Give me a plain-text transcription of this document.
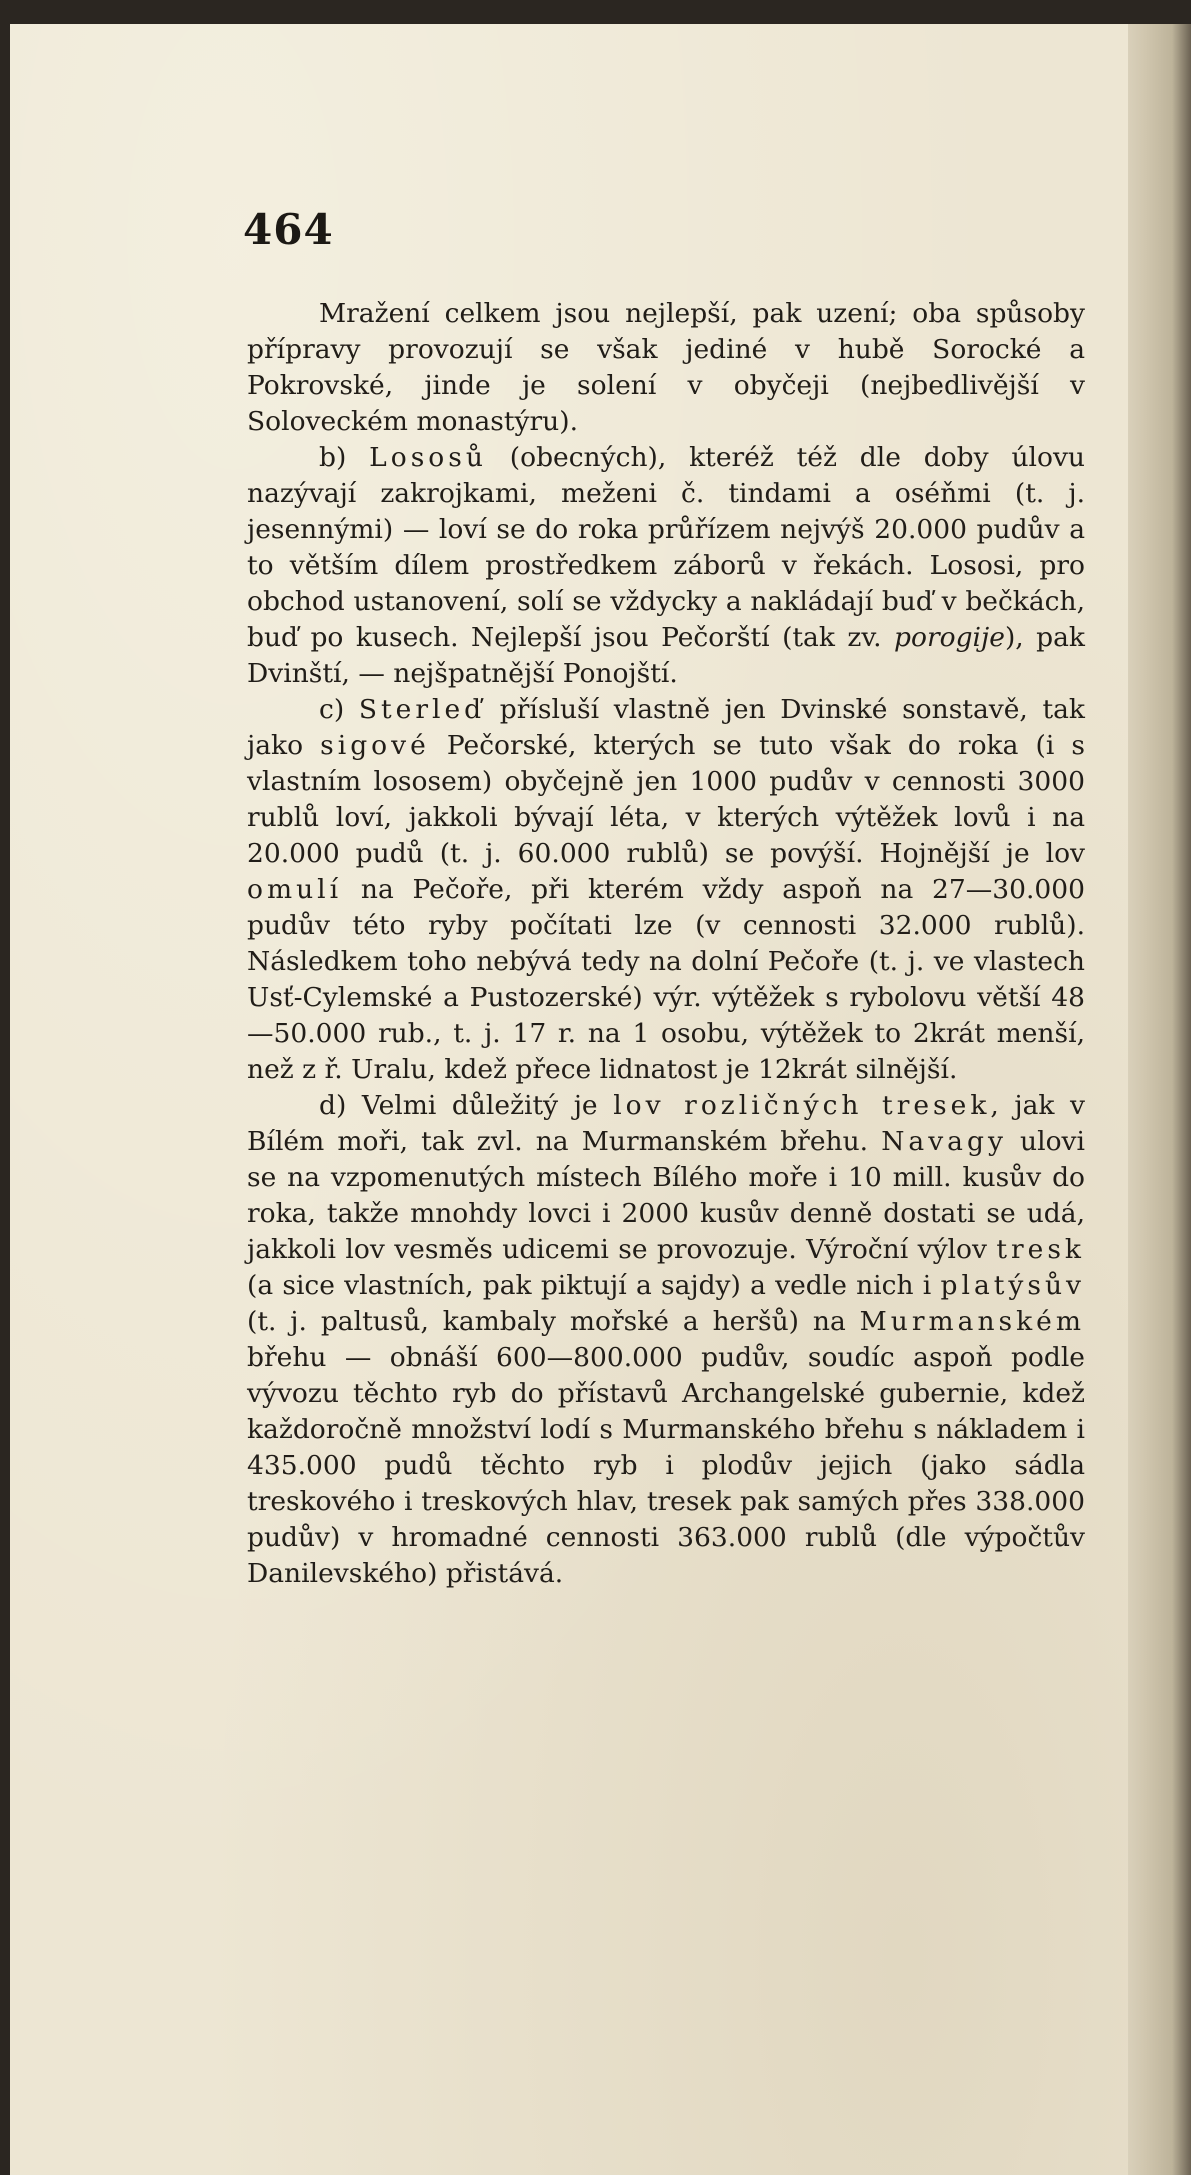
464

Mražení celkem jsou nejlepší, pak uzení; oba spůsoby přípravy provozují se však jediné v hubě Sorocké a Pokrovské, jinde je solení v obyčeji (nejbedlivější v Soloveckém monastýru).

b) Lososů (obecných), kteréž též dle doby úlovu nazývají zakrojkami, meženi č. tindami a oséňmi (t. j. jesennými) — loví se do roka průřízem nejvýš 20.000 pudův a to větším dílem prostředkem záborů v řekách. Lososi, pro obchod ustanovení, solí se vždycky a nakládají buď v bečkách, buď po kusech. Nejlepší jsou Pečorští (tak zv. porogije), pak Dvinští, — nejšpatnější Ponojští.

c) Sterleď přísluší vlastně jen Dvinské sonstavě, tak jako sigové Pečorské, kterých se tuto však do roka (i s vlastním lososem) obyčejně jen 1000 pudův v cennosti 3000 rublů loví, jakkoli bývají léta, v kterých výtěžek lovů i na 20.000 pudů (t. j. 60.000 rublů) se povýší. Hojnější je lov omulí na Pečoře, při kterém vždy aspoň na 27—30.000 pudův této ryby počítati lze (v cennosti 32.000 rublů). Následkem toho nebývá tedy na dolní Pečoře (t. j. ve vlastech Usť-Cylemské a Pustozerské) výr. výtěžek s rybolovu větší 48—50.000 rub., t. j. 17 r. na 1 osobu, výtěžek to 2krát menší, než z ř. Uralu, kdež přece lidnatost je 12krát silnější.

d) Velmi důležitý je lov rozličných tresek, jak v Bílém moři, tak zvl. na Murmanském břehu. Navagy ulovi se na vzpomenutých místech Bílého moře i 10 mill. kusův do roka, takže mnohdy lovci i 2000 kusův denně dostati se udá, jakkoli lov vesměs udicemi se provozuje. Výroční výlov tresk (a sice vlastních, pak piktují a sajdy) a vedle nich i platýsův (t. j. paltusů, kambaly mořské a heršů) na Murmanském břehu — obnáší 600—800.000 pudův, soudíc aspoň podle vývozu těchto ryb do přístavů Archangelské gubernie, kdež každoročně množství lodí s Murmanského břehu s nákladem i 435.000 pudů těchto ryb i plodův jejich (jako sádla treskového i treskových hlav, tresek pak samých přes 338.000 pudův) v hromadné cennosti 363.000 rublů (dle výpočtův Danilevského) přistává.
